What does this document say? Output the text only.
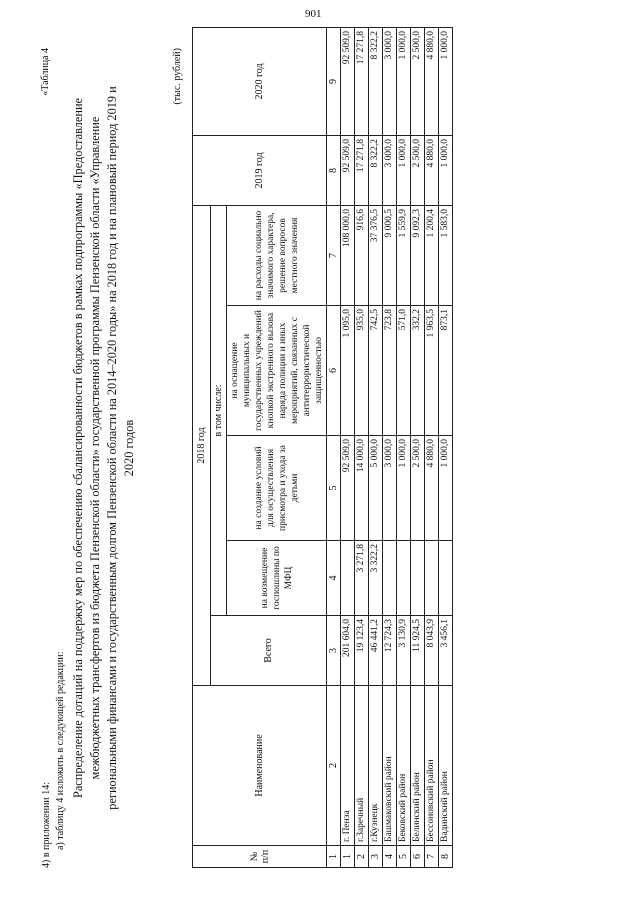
901
4) в приложении 14: а) таблицу 4 изложить в следующей редакции:
«Таблица 4
Распределение дотаций на поддержку мер по обеспечению сбалансированности бюджетов в рамках подпрограммы «Предоставление межбюджетных трансфертов из бюджета Пензенской области» государственной программы Пензенской области «Управление региональными финансами и государственным долгом Пензенской области на 2014–2020 годы» на 2018 год и на плановый период 2019 и 2020 годов
(тыс. рублей)
№ п/п	Наименование	2018 год					2019 год	2020 год
		Всего	в том числе:					
			на возмещение госпошлины по МФЦ	на создание условий для осуществления присмотра и ухода за детьми	на оснащение муниципальных и государственных учреждений кнопкой экстренного вызова наряда полиции и иных мероприятий, связанных с антитеррористической защищенностью	на расходы социально значимого характера, решение вопросов местного значения		
1	2	3	4	5	6	7	8	9
1	г. Пенза	201 604,0		92 509,0	1 095,0	108 000,0	92 509,0	92 509,0
2	г.Заречный	19 123,4	3 271,8	14 000,0	935,0	916,6	17 271,8	17 271,8
3	г.Кузнецк	46 441,2	3 322,2	5 000,0	742,5	37 376,5	8 322,2	8 322,2
4	Башмаковский район	12 724,3		3 000,0	723,8	9 000,5	3 000,0	3 000,0
5	Бековский район	3 130,9		1 000,0	571,0	1 559,9	1 000,0	1 000,0
6	Белинский район	11 924,5		2 500,0	332,2	9 092,3	2 500,0	2 500,0
7	Бессоновский район	8 043,9		4 880,0	1 963,5	1 200,4	4 880,0	4 880,0
8	Вадинский район	3 456,1		1 000,0	873,1	1 583,0	1 000,0	1 000,0
